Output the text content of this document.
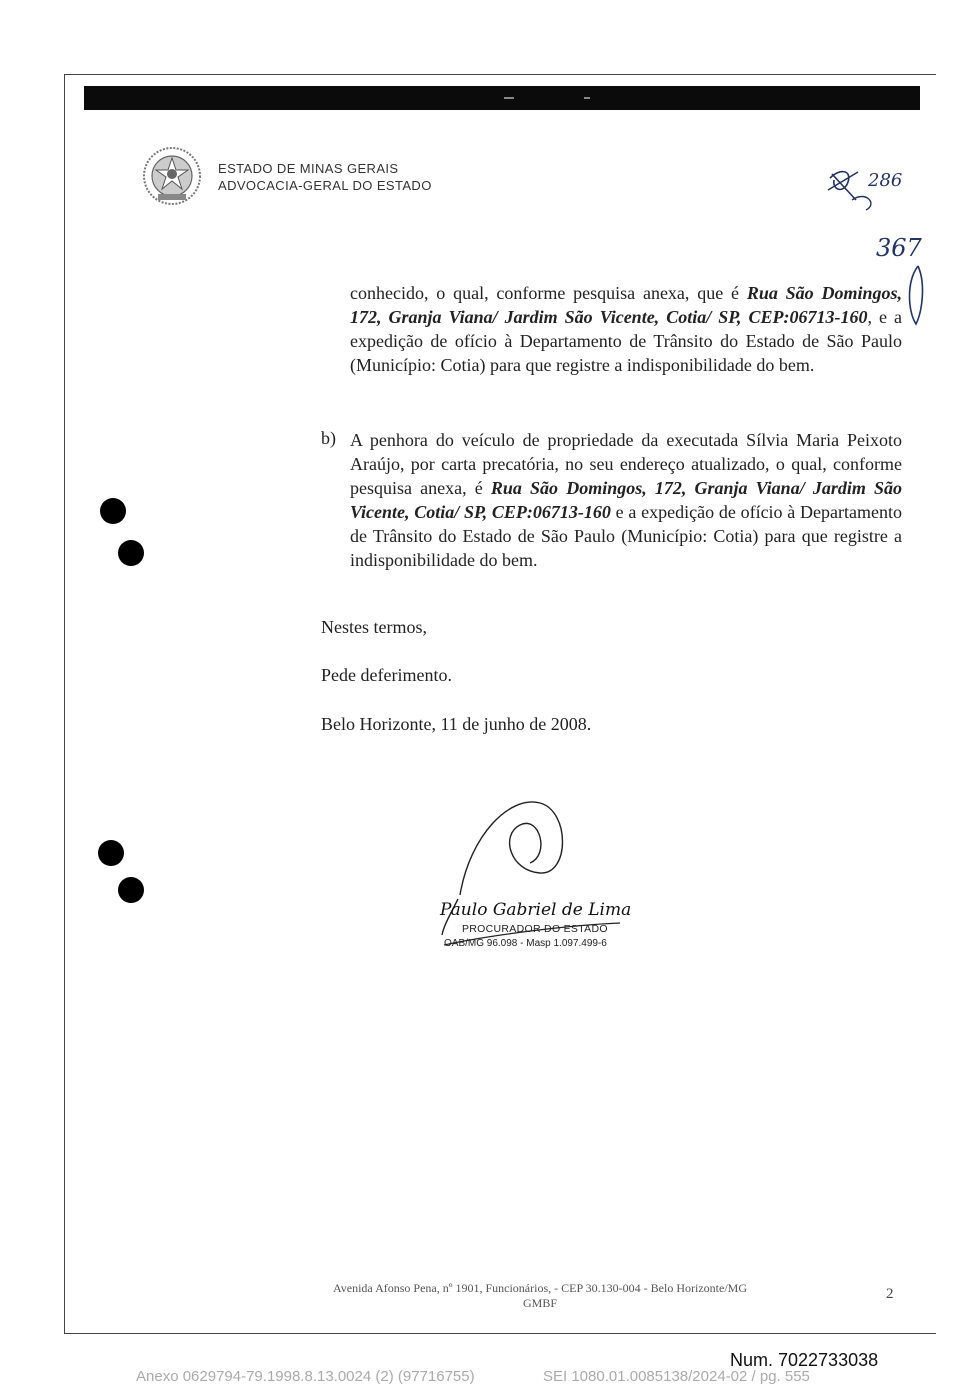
ESTADO DE MINAS GERAIS
ADVOCACIA-GERAL DO ESTADO	286
367
conhecido, o qual, conforme pesquisa anexa, que é Rua São Domingos, 172, Granja Viana/ Jardim São Vicente, Cotia/ SP, CEP:06713-160, e a expedição de ofício à Departamento de Trânsito do Estado de São Paulo (Município: Cotia) para que registre a indisponibilidade do bem.
b) A penhora do veículo de propriedade da executada Sílvia Maria Peixoto Araújo, por carta precatória, no seu endereço atualizado, o qual, conforme pesquisa anexa, é Rua São Domingos, 172, Granja Viana/ Jardim São Vicente, Cotia/ SP, CEP:06713-160 e a expedição de ofício à Departamento de Trânsito do Estado de São Paulo (Município: Cotia) para que registre a indisponibilidade do bem.
Nestes termos,
Pede deferimento.
Belo Horizonte, 11 de junho de 2008.
Paulo Gabriel de Lima
PROCURADOR DO ESTADO
OAB/MG 96.098 - Masp 1.097.499-6
Avenida Afonso Pena, nº 1901, Funcionários, - CEP 30.130-004 - Belo Horizonte/MG
GMBF
2
Num. 7022733038
Anexo 0629794-79.1998.8.13.0024 (2) (97716755)	SEI 1080.01.0085138/2024-02 / pg. 555
